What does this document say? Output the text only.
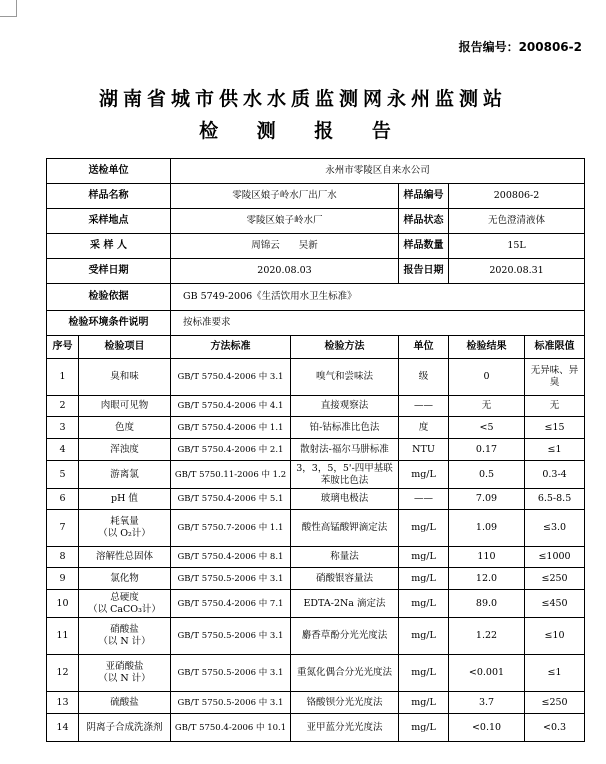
报告编号：200806-2
湖南省城市供水水质监测网永州监测站
检 测 报 告
送检单位		永州市零陵区自来水公司				
样品名称		零陵区娘子岭水厂出厂水		样品编号	200806-2	
采样地点		零陵区娘子岭水厂		样品状态	无色澄清液体	
采 样 人		周锦云　　吴新		样品数量	15L	
受样日期		2020.08.03		报告日期	2020.08.31	
检验依据		GB 5749-2006《生活饮用水卫生标准》				
检验环境条件说明		按标准要求				
序号	检验项目	方法标准	检验方法	单位	检验结果	标准限值
1	臭和味	GB/T 5750.4-2006 中 3.1	嗅气和尝味法	级	0	无异味、异臭
2	肉眼可见物	GB/T 5750.4-2006 中 4.1	直接观察法	——	无	无
3	色度	GB/T 5750.4-2006 中 1.1	铂-钴标准比色法	度	<5	≤15
4	浑浊度	GB/T 5750.4-2006 中 2.1	散射法-福尔马肼标准	NTU	0.17	≤1
5	游离氯	GB/T 5750.11-2006 中 1.2	3，3，5，5'-四甲基联苯胺比色法	mg/L	0.5	0.3-4
6	pH 值	GB/T 5750.4-2006 中 5.1	玻璃电极法	——	7.09	6.5-8.5
7	耗氧量
（以 O₂计）	GB/T 5750.7-2006 中 1.1	酸性高锰酸钾滴定法	mg/L	1.09	≤3.0
8	溶解性总固体	GB/T 5750.4-2006 中 8.1	称量法	mg/L	110	≤1000
9	氯化物	GB/T 5750.5-2006 中 3.1	硝酸银容量法	mg/L	12.0	≤250
10	总硬度
（以 CaCO₃计）	GB/T 5750.4-2006 中 7.1	EDTA-2Na 滴定法	mg/L	89.0	≤450
11	硝酸盐
（以 N 计）	GB/T 5750.5-2006 中 3.1	麝香草酚分光光度法	mg/L	1.22	≤10
12	亚硝酸盐
（以 N 计）	GB/T 5750.5-2006 中 3.1	重氮化偶合分光光度法	mg/L	<0.001	≤1
13	硫酸盐	GB/T 5750.5-2006 中 3.1	铬酸钡分光光度法	mg/L	3.7	≤250
14	阴离子合成洗涤剂	GB/T 5750.4-2006 中 10.1	亚甲蓝分光光度法	mg/L	<0.10	<0.3
